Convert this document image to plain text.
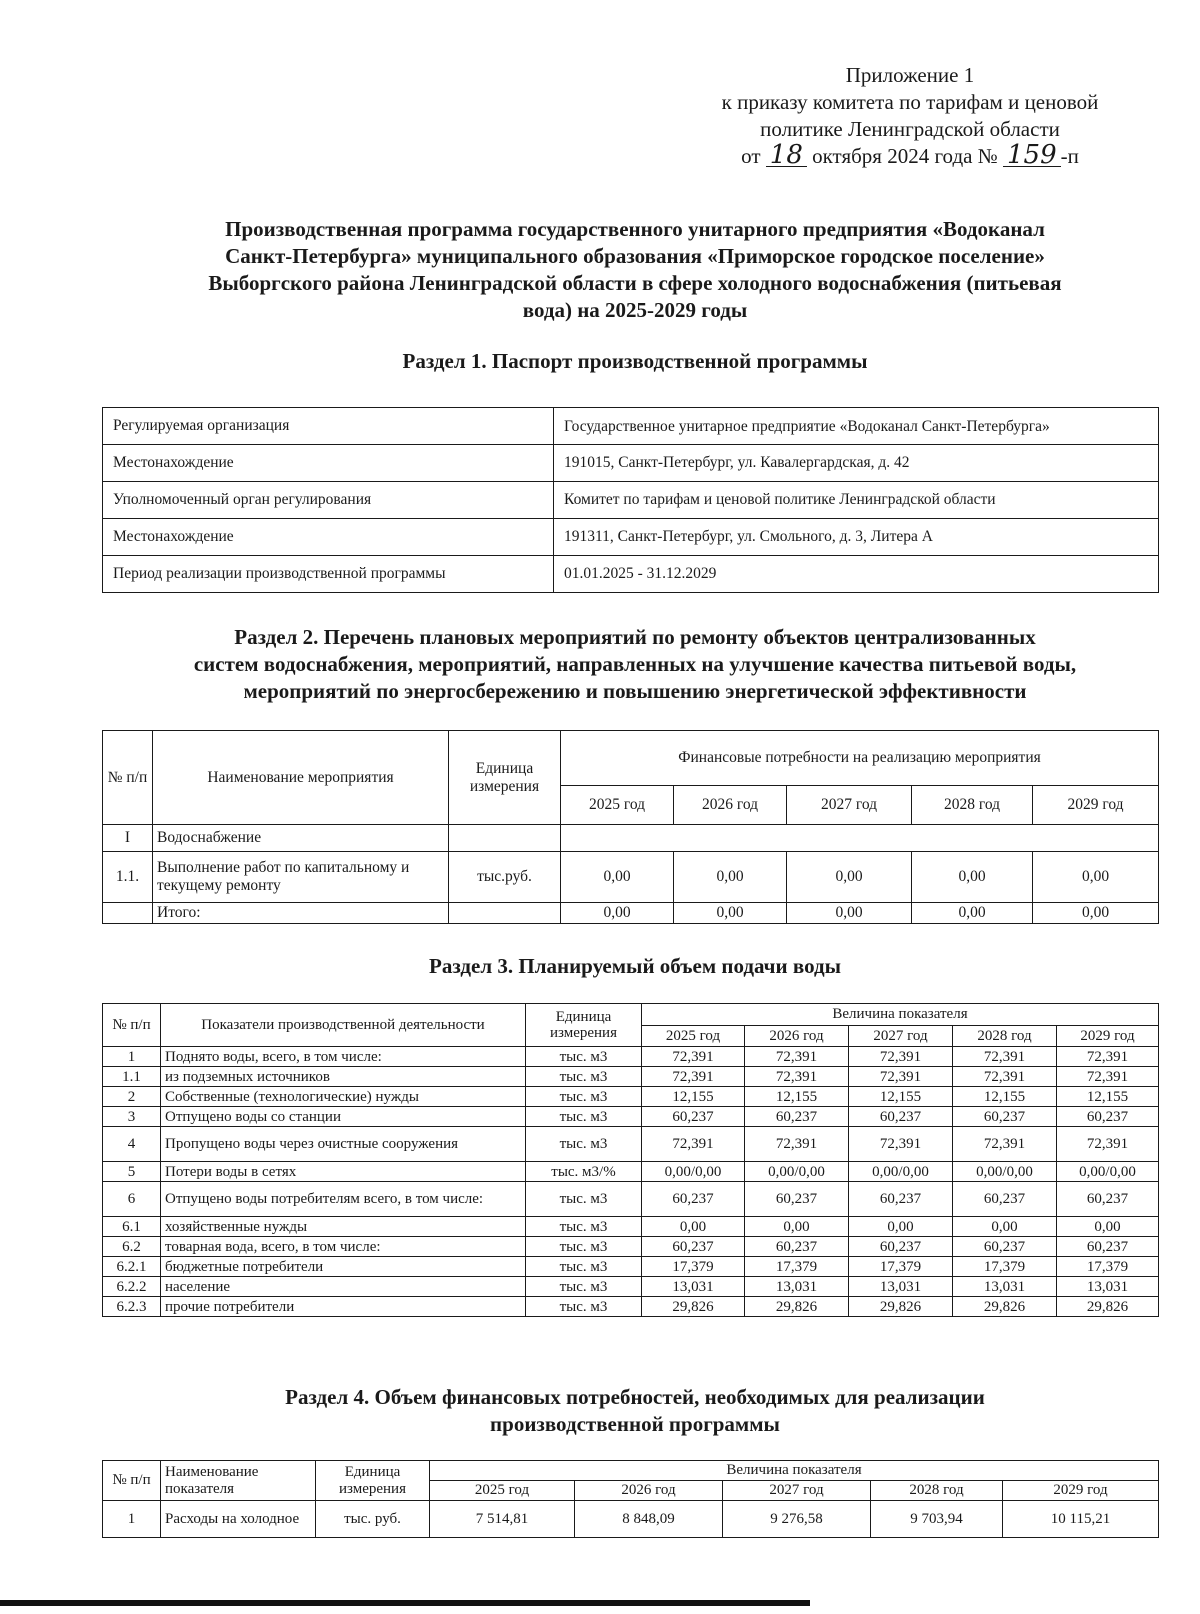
Приложение 1
к приказу комитета по тарифам и ценовой
политике Ленинградской области
от 18 октября 2024 года № 159 -п
Производственная программа государственного унитарного предприятия «Водоканал
Санкт-Петербурга» муниципального образования «Приморское городское поселение»
Выборгского района Ленинградской области в сфере холодного водоснабжения (питьевая
вода) на 2025-2029 годы
Раздел 1. Паспорт производственной программы
Регулируемая организация	Государственное унитарное предприятие «Водоканал Санкт-Петербурга»
Местонахождение	191015, Санкт-Петербург, ул. Кавалергардская, д. 42
Уполномоченный орган регулирования	Комитет по тарифам и ценовой политике Ленинградской области
Местонахождение	191311, Санкт-Петербург, ул. Смольного, д. 3, Литера А
Период реализации производственной программы	01.01.2025 - 31.12.2029
Раздел 2. Перечень плановых мероприятий по ремонту объектов централизованных
систем водоснабжения, мероприятий, направленных на улучшение качества питьевой воды,
мероприятий по энергосбережению и повышению энергетической эффективности
№ п/п	Наименование мероприятия	Единица измерения	Финансовые потребности на реализацию мероприятия				
			2025 год	2026 год	2027 год	2028 год	2029 год
I	Водоснабжение						
1.1.	Выполнение работ по капитальному и текущему ремонту	тыс.руб.	0,00	0,00	0,00	0,00	0,00
	Итого:		0,00	0,00	0,00	0,00	0,00
Раздел 3. Планируемый объем подачи воды
№ п/п	Показатели производственной деятельности	Единица измерения	Величина показателя				
			2025 год	2026 год	2027 год	2028 год	2029 год
1	Поднято воды, всего, в том числе:	тыс. м3	72,391	72,391	72,391	72,391	72,391
1.1	из подземных источников	тыс. м3	72,391	72,391	72,391	72,391	72,391
2	Собственные (технологические) нужды	тыс. м3	12,155	12,155	12,155	12,155	12,155
3	Отпущено воды со станции	тыс. м3	60,237	60,237	60,237	60,237	60,237
4	Пропущено воды через очистные сооружения	тыс. м3	72,391	72,391	72,391	72,391	72,391
5	Потери воды в сетях	тыс. м3/%	0,00/0,00	0,00/0,00	0,00/0,00	0,00/0,00	0,00/0,00
6	Отпущено воды потребителям всего, в том числе:	тыс. м3	60,237	60,237	60,237	60,237	60,237
6.1	хозяйственные нужды	тыс. м3	0,00	0,00	0,00	0,00	0,00
6.2	товарная вода, всего, в том числе:	тыс. м3	60,237	60,237	60,237	60,237	60,237
6.2.1	бюджетные потребители	тыс. м3	17,379	17,379	17,379	17,379	17,379
6.2.2	население	тыс. м3	13,031	13,031	13,031	13,031	13,031
6.2.3	прочие потребители	тыс. м3	29,826	29,826	29,826	29,826	29,826
Раздел 4. Объем финансовых потребностей, необходимых для реализации
производственной программы
№ п/п	Наименование показателя	Единица измерения	Величина показателя				
			2025 год	2026 год	2027 год	2028 год	2029 год
1	Расходы на холодное	тыс. руб.	7 514,81	8 848,09	9 276,58	9 703,94	10 115,21
